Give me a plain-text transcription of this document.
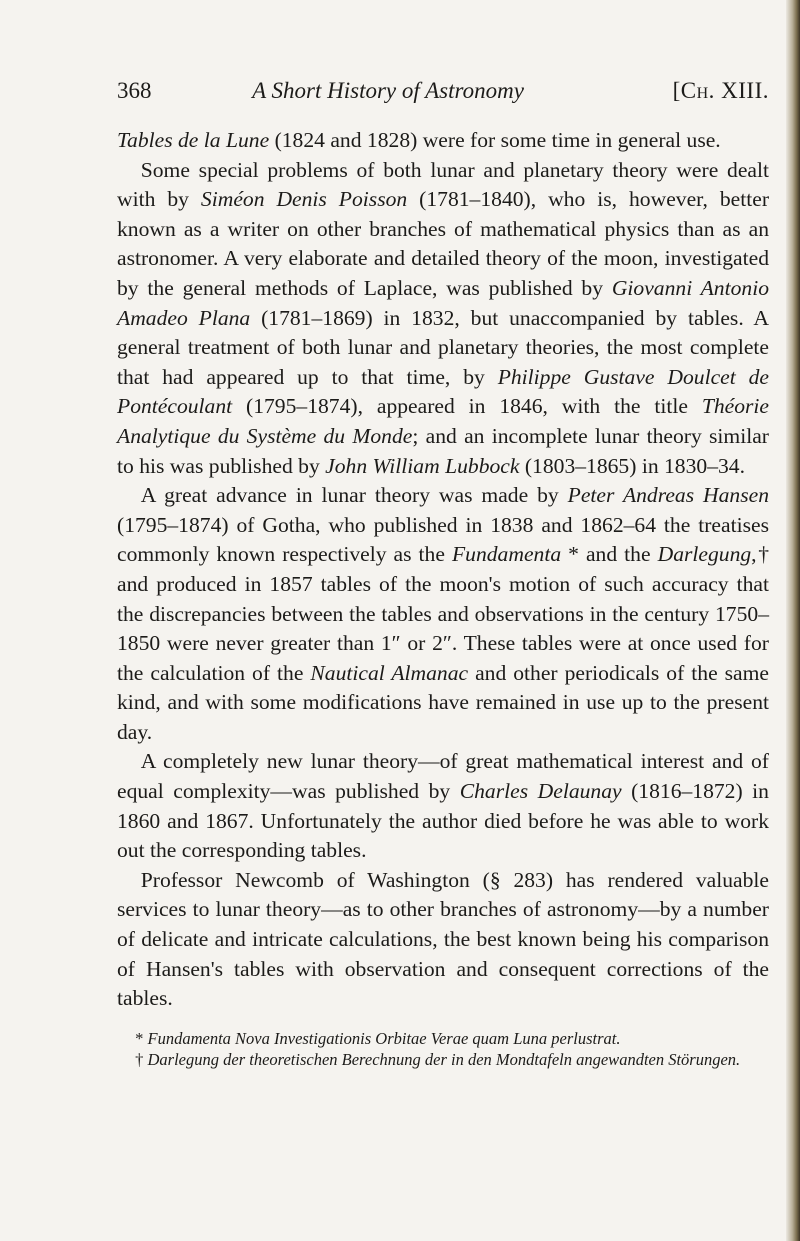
368	A Short History of Astronomy	[Ch. XIII.

Tables de la Lune (1824 and 1828) were for some time in general use.

Some special problems of both lunar and planetary theory were dealt with by Siméon Denis Poisson (1781–1840), who is, however, better known as a writer on other branches of mathematical physics than as an astronomer. A very elaborate and detailed theory of the moon, investigated by the general methods of Laplace, was published by Giovanni Antonio Amadeo Plana (1781–1869) in 1832, but unaccompanied by tables. A general treatment of both lunar and planetary theories, the most complete that had appeared up to that time, by Philippe Gustave Doulcet de Pontécoulant (1795–1874), appeared in 1846, with the title Théorie Analytique du Système du Monde; and an incomplete lunar theory similar to his was published by John William Lubbock (1803–1865) in 1830–34.

A great advance in lunar theory was made by Peter Andreas Hansen (1795–1874) of Gotha, who published in 1838 and 1862–64 the treatises commonly known respectively as the Fundamenta * and the Darlegung,† and produced in 1857 tables of the moon's motion of such accuracy that the discrepancies between the tables and observations in the century 1750–1850 were never greater than 1″ or 2″. These tables were at once used for the calculation of the Nautical Almanac and other periodicals of the same kind, and with some modifications have remained in use up to the present day.

A completely new lunar theory—of great mathematical interest and of equal complexity—was published by Charles Delaunay (1816–1872) in 1860 and 1867. Unfortunately the author died before he was able to work out the corresponding tables.

Professor Newcomb of Washington (§ 283) has rendered valuable services to lunar theory—as to other branches of astronomy—by a number of delicate and intricate calculations, the best known being his comparison of Hansen's tables with observation and consequent corrections of the tables.

* Fundamenta Nova Investigationis Orbitae Verae quam Luna perlustrat.

† Darlegung der theoretischen Berechnung der in den Mondtafeln angewandten Störungen.
